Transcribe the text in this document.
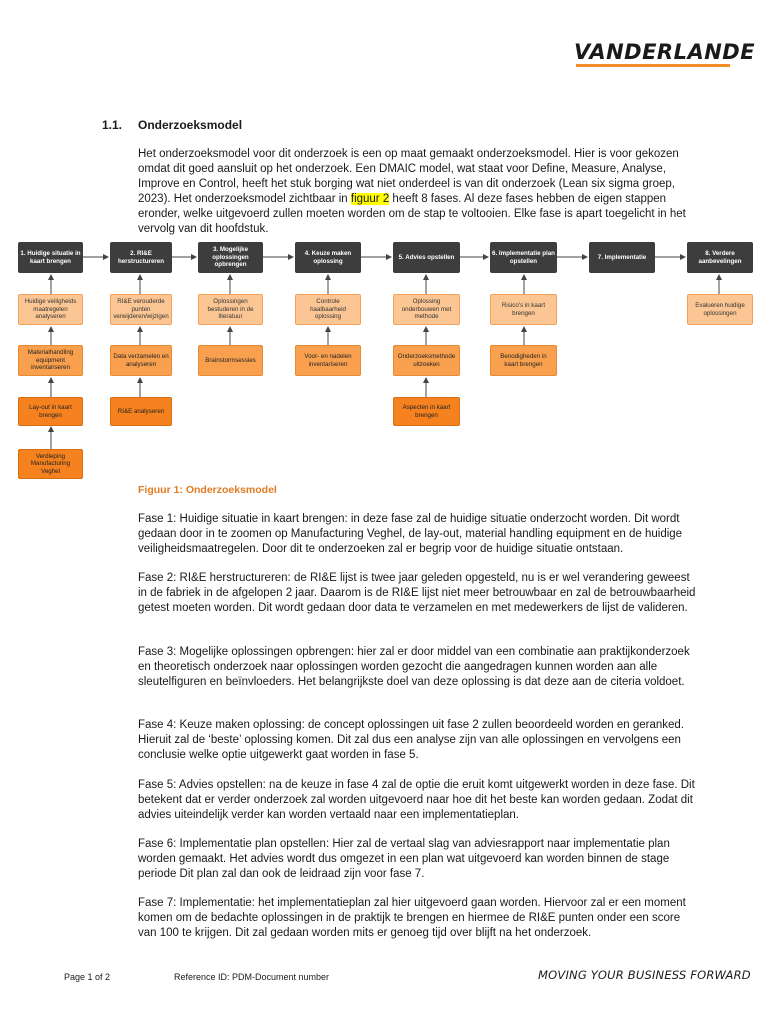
VANDERLANDE
1.1. Onderzoeksmodel
Het onderzoeksmodel voor dit onderzoek is een op maat gemaakt onderzoeksmodel. Hier is voor gekozen omdat dit goed aansluit op het onderzoek. Een DMAIC model, wat staat voor Define, Measure, Analyse, Improve en Control, heeft het stuk borging wat niet onderdeel is van dit onderzoek (Lean six sigma groep, 2023). Het onderzoeksmodel zichtbaar in figuur 2 heeft 8 fases. Al deze fases hebben de eigen stappen eronder, welke uitgevoerd zullen moeten worden om de stap te voltooien. Elke fase is apart toegelicht in het vervolg van dit hoofdstuk.
1. Huidige situatie in kaart brengen
2. RI&E herstructureren
3. Mogelijke oplossingen opbrengen
4. Keuze maken oplossing
5. Advies opstellen
6. Implementatie plan opstellen
7. Implementatie
8. Verdere aanbevelingen
Huidige veiligheids maatregelen analyseren
Materialhandling equipment inventariseren
Lay-out in kaart brengen
Verdieping Manufacturing Veghel
RI&E verouderde punten verwijderen/wijzigen
Data verzamelen en analyseren
RI&E analyseren
Oplossingen bestuderen in de literatuur
Brainstormsessies
Controle haalbaarheid oplossing
Voor- en nadelen inventariseren
Oplossing onderbouwen met methode
Onderzoeksmethode uitzoeken
Aspecten in kaart brengen
Risico's in kaart brengen
Benodigheden in kaart brengen
Evalueren huidige oplossingen
Figuur 1: Onderzoeksmodel
Fase 1: Huidige situatie in kaart brengen: in deze fase zal de huidige situatie onderzocht worden. Dit wordt gedaan door in te zoomen op Manufacturing Veghel, de lay-out, material handling equipment en de huidige veiligheidsmaatregelen. Door dit te onderzoeken zal er begrip voor de huidige situatie ontstaan.
Fase 2: RI&E herstructureren: de RI&E lijst is twee jaar geleden opgesteld, nu is er wel verandering geweest in de fabriek in de afgelopen 2 jaar. Daarom is de RI&E lijst niet meer betrouwbaar en zal de betrouwbaarheid getest moeten worden. Dit wordt gedaan door data te verzamelen en met medewerkers de lijst de valideren.
Fase 3: Mogelijke oplossingen opbrengen: hier zal er door middel van een combinatie aan praktijkonderzoek en theoretisch onderzoek naar oplossingen worden gezocht die aangedragen kunnen worden aan alle sleutelfiguren en beïnvloeders. Het belangrijkste doel van deze oplossing is dat deze aan de citeria voldoet.
Fase 4: Keuze maken oplossing: de concept oplossingen uit fase 2 zullen beoordeeld worden en geranked. Hieruit zal de ‘beste’ oplossing komen. Dit zal dus een analyse zijn van alle oplossingen en vervolgens een conclusie welke optie uitgewerkt gaat worden in fase 5.
Fase 5: Advies opstellen: na de keuze in fase 4 zal de optie die eruit komt uitgewerkt worden in deze fase. Dit betekent dat er verder onderzoek zal worden uitgevoerd naar hoe dit het beste kan worden gedaan. Zodat dit advies uiteindelijk verder kan worden vertaald naar een implementatieplan.
Fase 6: Implementatie plan opstellen: Hier zal de vertaal slag van adviesrapport naar implementatie plan worden gemaakt. Het advies wordt dus omgezet in een plan wat uitgevoerd kan worden binnen de stage periode Dit plan zal dan ook de leidraad zijn voor fase 7.
Fase 7: Implementatie: het implementatieplan zal hier uitgevoerd gaan worden. Hiervoor zal er een moment komen om de bedachte oplossingen in de praktijk te brengen en hiermee de RI&E punten onder een score van 100 te krijgen. Dit zal gedaan worden mits er genoeg tijd over blijft na het onderzoek.
Page 1 of 2	Reference ID: PDM-Document number	MOVING YOUR BUSINESS FORWARD
